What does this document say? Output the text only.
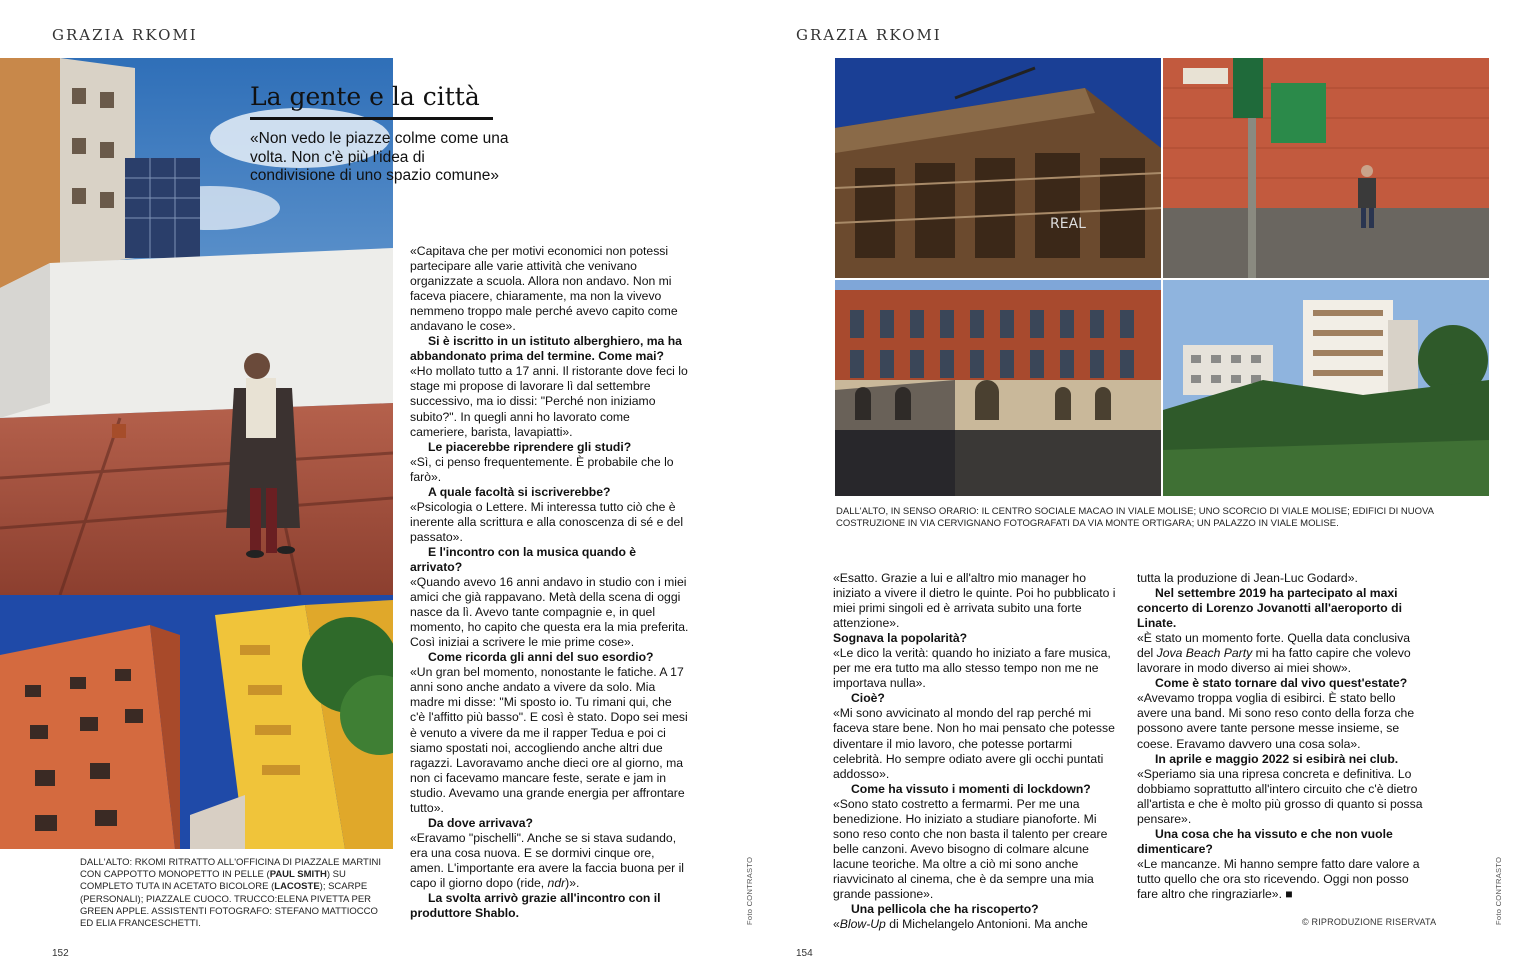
GRAZIA RKOMI
La gente e la città
«Non vedo le piazze colme come una volta. Non c'è più l'idea di condivisione di uno spazio comune»

«Capitava che per motivi economici non potessi partecipare alle varie attività che venivano organizzate a scuola. Allora non andavo. Non mi faceva piacere, chiaramente, ma non la vivevo nemmeno troppo male perché avevo capito come andavano le cose».

Si è iscritto in un istituto alberghiero, ma ha abbandonato prima del termine. Come mai?

«Ho mollato tutto a 17 anni. Il ristorante dove feci lo stage mi propose di lavorare lì dal settembre successivo, ma io dissi: "Perché non iniziamo subito?". In quegli anni ho lavorato come cameriere, barista, lavapiatti».

Le piacerebbe riprendere gli studi?

«Sì, ci penso frequentemente. È probabile che lo farò».

A quale facoltà si iscriverebbe?

«Psicologia o Lettere. Mi interessa tutto ciò che è inerente alla scrittura e alla conoscenza di sé e del passato».

E l'incontro con la musica quando è arrivato?

«Quando avevo 16 anni andavo in studio con i miei amici che già rappavano. Metà della scena di oggi nasce da lì. Avevo tante compagnie e, in quel momento, ho capito che questa era la mia preferita. Così iniziai a scrivere le mie prime cose».

Come ricorda gli anni del suo esordio?

«Un gran bel momento, nonostante le fatiche. A 17 anni sono anche andato a vivere da solo. Mia madre mi disse: "Mi sposto io. Tu rimani qui, che c'è l'affitto più basso". E così è stato. Dopo sei mesi è venuto a vivere da me il rapper Tedua e poi ci siamo spostati noi, accogliendo anche altri due ragazzi. Lavoravamo anche dieci ore al giorno, ma non ci facevamo mancare feste, serate e jam in studio. Avevamo una grande energia per affrontare tutto».

Da dove arrivava?

«Eravamo "pischelli". Anche se si stava sudando, era una cosa nuova. E se dormivi cinque ore, amen. L'importante era avere la faccia buona per il capo il giorno dopo (ride, ndr)».

La svolta arrivò grazie all'incontro con il produttore Shablo.

DALL'ALTO: RKOMI RITRATTO ALL'OFFICINA DI PIAZZALE MARTINI CON CAPPOTTO MONOPETTO IN PELLE (PAUL SMITH) SU COMPLETO TUTA IN ACETATO BICOLORE (LACOSTE); SCARPE (PERSONALI); PIAZZALE CUOCO. TRUCCO:ELENA PIVETTA PER GREEN APPLE. ASSISTENTI FOTOGRAFO: STEFANO MATTIOCCO ED ELIA FRANCESCHETTI.	Foto CONTRASTO
152
GRAZIA RKOMI
REAL
DALL'ALTO, IN SENSO ORARIO: IL CENTRO SOCIALE MACAO IN VIALE MOLISE; UNO SCORCIO DI VIALE MOLISE; EDIFICI DI NUOVA COSTRUZIONE IN VIA CERVIGNANO FOTOGRAFATI DA VIA MONTE ORTIGARA; UN PALAZZO IN VIALE MOLISE.

«Esatto. Grazie a lui e all'altro mio manager ho iniziato a vivere il dietro le quinte. Poi ho pubblicato i miei primi singoli ed è arrivata subito una forte attenzione».

Sognava la popolarità?

«Le dico la verità: quando ho iniziato a fare musica, per me era tutto ma allo stesso tempo non me ne importava nulla».

Cioè?

«Mi sono avvicinato al mondo del rap perché mi faceva stare bene. Non ho mai pensato che potesse diventare il mio lavoro, che potesse portarmi celebrità. Ho sempre odiato avere gli occhi puntati addosso».

Come ha vissuto i momenti di lockdown?

«Sono stato costretto a fermarmi. Per me una benedizione. Ho iniziato a studiare pianoforte. Mi sono reso conto che non basta il talento per creare belle canzoni. Avevo bisogno di colmare alcune lacune teoriche. Ma oltre a ciò mi sono anche riavvicinato al cinema, che è da sempre una mia grande passione».

Una pellicola che ha riscoperto?

«Blow-Up di Michelangelo Antonioni. Ma anche

tutta la produzione di Jean-Luc Godard».

Nel settembre 2019 ha partecipato al maxi concerto di Lorenzo Jovanotti all'aeroporto di Linate.

«È stato un momento forte. Quella data conclusiva del Jova Beach Party mi ha fatto capire che volevo lavorare in modo diverso ai miei show».

Come è stato tornare dal vivo quest'estate?

«Avevamo troppa voglia di esibirci. È stato bello avere una band. Mi sono reso conto della forza che possono avere tante persone messe insieme, se coese. Eravamo davvero una cosa sola».

In aprile e maggio 2022 si esibirà nei club.

«Speriamo sia una ripresa concreta e definitiva. Lo dobbiamo soprattutto all'intero circuito che c'è dietro all'artista e che è molto più grosso di quanto si possa pensare».

Una cosa che ha vissuto e che non vuole dimenticare?

«Le mancanze. Mi hanno sempre fatto dare valore a tutto quello che ora sto ricevendo. Oggi non posso fare altro che ringraziarle». ■

© RIPRODUZIONE RISERVATA	Foto CONTRASTO
154
